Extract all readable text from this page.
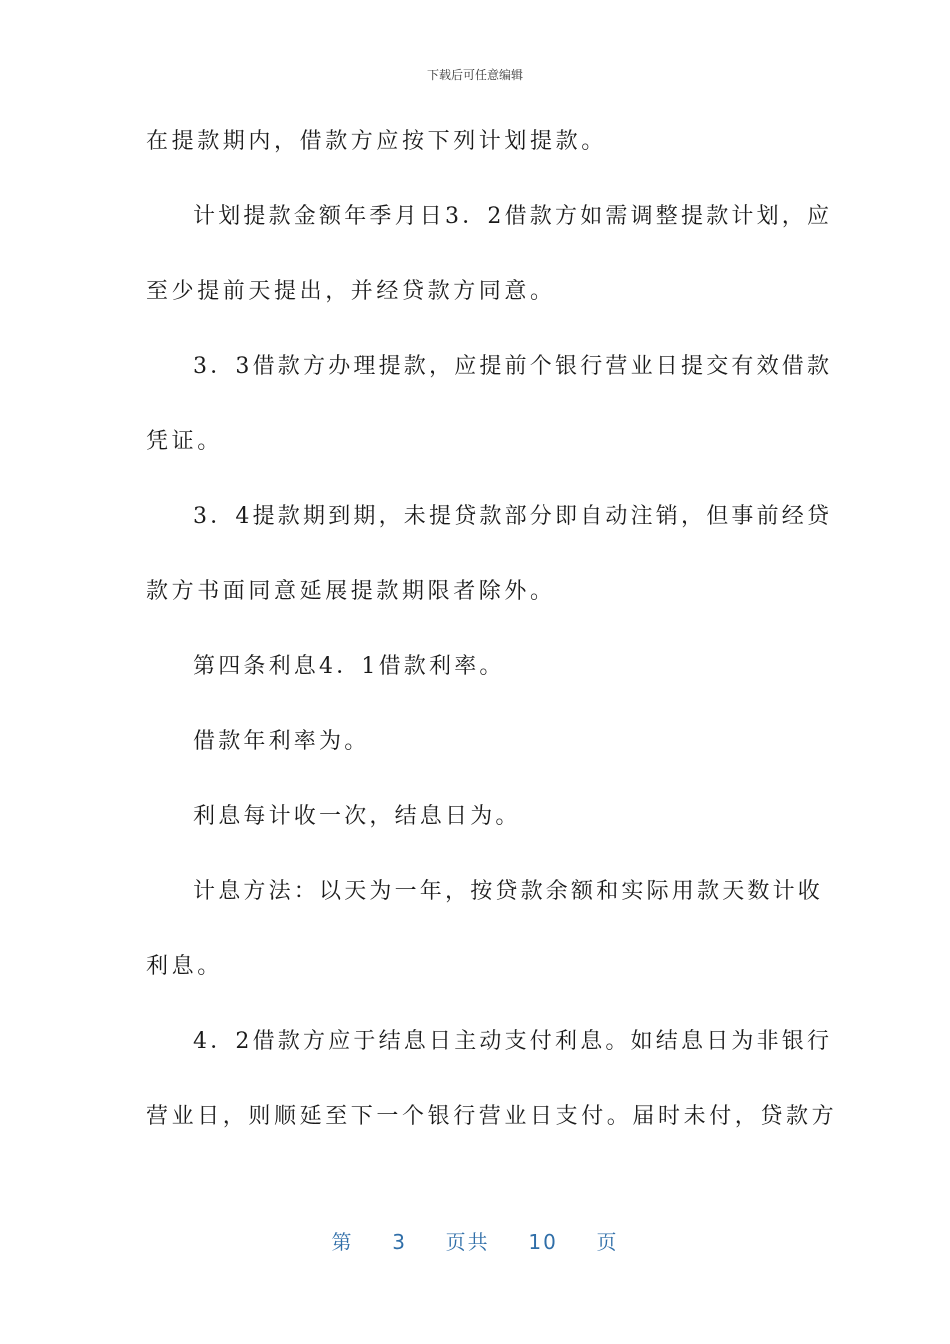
下载后可任意编辑
在提款期内，借款方应按下列计划提款。
计划提款金额年季月日3．2借款方如需调整提款计划，应
至少提前天提出，并经贷款方同意。
3．3借款方办理提款，应提前个银行营业日提交有效借款
凭证。
3．4提款期到期，未提贷款部分即自动注销，但事前经贷
款方书面同意延展提款期限者除外。
第四条利息4．1借款利率。
借款年利率为。
利息每计收一次，结息日为。
计息方法：以天为一年，按贷款余额和实际用款天数计收
利息。
4．2借款方应于结息日主动支付利息。如结息日为非银行
营业日，则顺延至下一个银行营业日支付。届时未付，贷款方
第 3 页共 10 页
